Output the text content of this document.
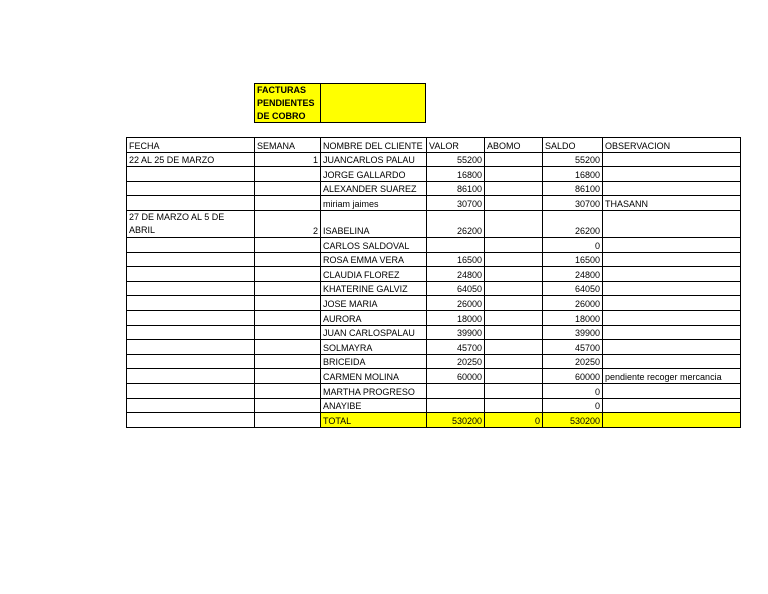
FACTURAS PENDIENTES DE COBRO
FECHA	SEMANA	NOMBRE DEL CLIENTE	VALOR	ABOMO	SALDO	OBSERVACION
22 AL 25 DE MARZO	1	JUANCARLOS PALAU	55200		55200	
		JORGE GALLARDO	16800		16800	
		ALEXANDER SUAREZ	86100		86100	
		miriam jaimes	30700		30700	THASANN
27 DE MARZO AL 5 DE ABRIL	2	ISABELINA	26200		26200	
		CARLOS SALDOVAL			0	
		ROSA EMMA VERA	16500		16500	
		CLAUDIA FLOREZ	24800		24800	
		KHATERINE GALVIZ	64050		64050	
		JOSE MARIA	26000		26000	
		AURORA	18000		18000	
		JUAN CARLOSPALAU	39900		39900	
		SOLMAYRA	45700		45700	
		BRICEIDA	20250		20250	
		CARMEN MOLINA	60000		60000	pendiente recoger mercancia
		MARTHA PROGRESO			0	
		ANAYIBE			0	
		TOTAL	530200	0	530200	
